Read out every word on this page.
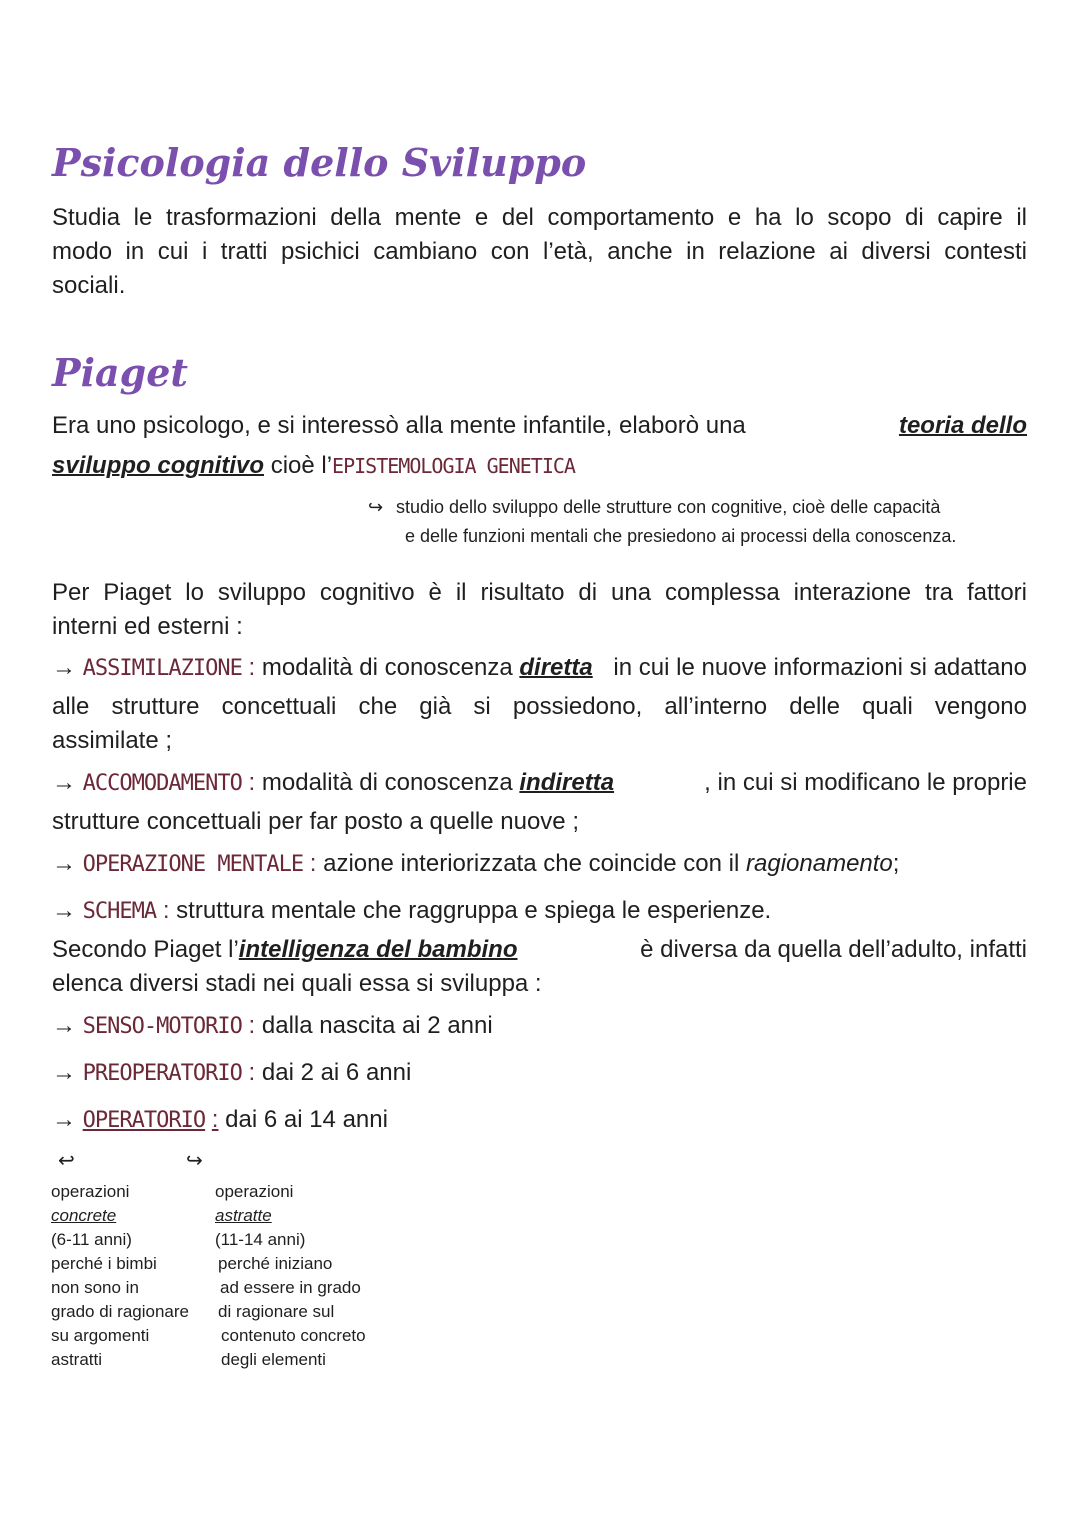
Psicologia dello Sviluppo
Studia le trasformazioni della mente e del comportamento e ha lo scopo di capire il
modo in cui i tratti psichici cambiano con l’età, anche in relazione ai diversi contesti
sociali.
Piaget
Era uno psicologo, e si interessò alla mente infantile, elaborò una	teoria dello
sviluppo cognitivo cioè l’EPISTEMOLOGIA GENETICA
↪ studio dello sviluppo delle strutture con cognitive, cioè delle capacità
e delle funzioni mentali che presiedono ai processi della conoscenza.
Per Piaget lo sviluppo cognitivo è il risultato di una complessa interazione tra fattori
interni ed esterni :
→ ASSIMILAZIONE : modalità di conoscenza diretta in cui le nuove informazioni si adattano
alle strutture concettuali che già si possiedono, all’interno delle quali vengono
assimilate ;
→ ACCOMODAMENTO : modalità di conoscenza indiretta	, in cui si modificano le proprie
strutture concettuali per far posto a quelle nuove ;
→ OPERAZIONE MENTALE : azione interiorizzata che coincide con il ragionamento;
→ SCHEMA : struttura mentale che raggruppa e spiega le esperienze.
Secondo Piaget l’intelligenza del bambino	è diversa da quella dell’adulto, infatti
elenca diversi stadi nei quali essa si sviluppa :
→ SENSO-MOTORIO : dalla nascita ai 2 anni
→ PREOPERATORIO : dai 2 ai 6 anni
→ OPERATORIO : dai 6 ai 14 anni
↩	↪
operazioni
concrete
(6-11 anni)
perché i bimbi
non sono in
grado di ragionare
su argomenti
astratti
operazioni
astratte
(11-14 anni)
perché iniziano
ad essere in grado
di ragionare sul
contenuto concreto
degli elementi
